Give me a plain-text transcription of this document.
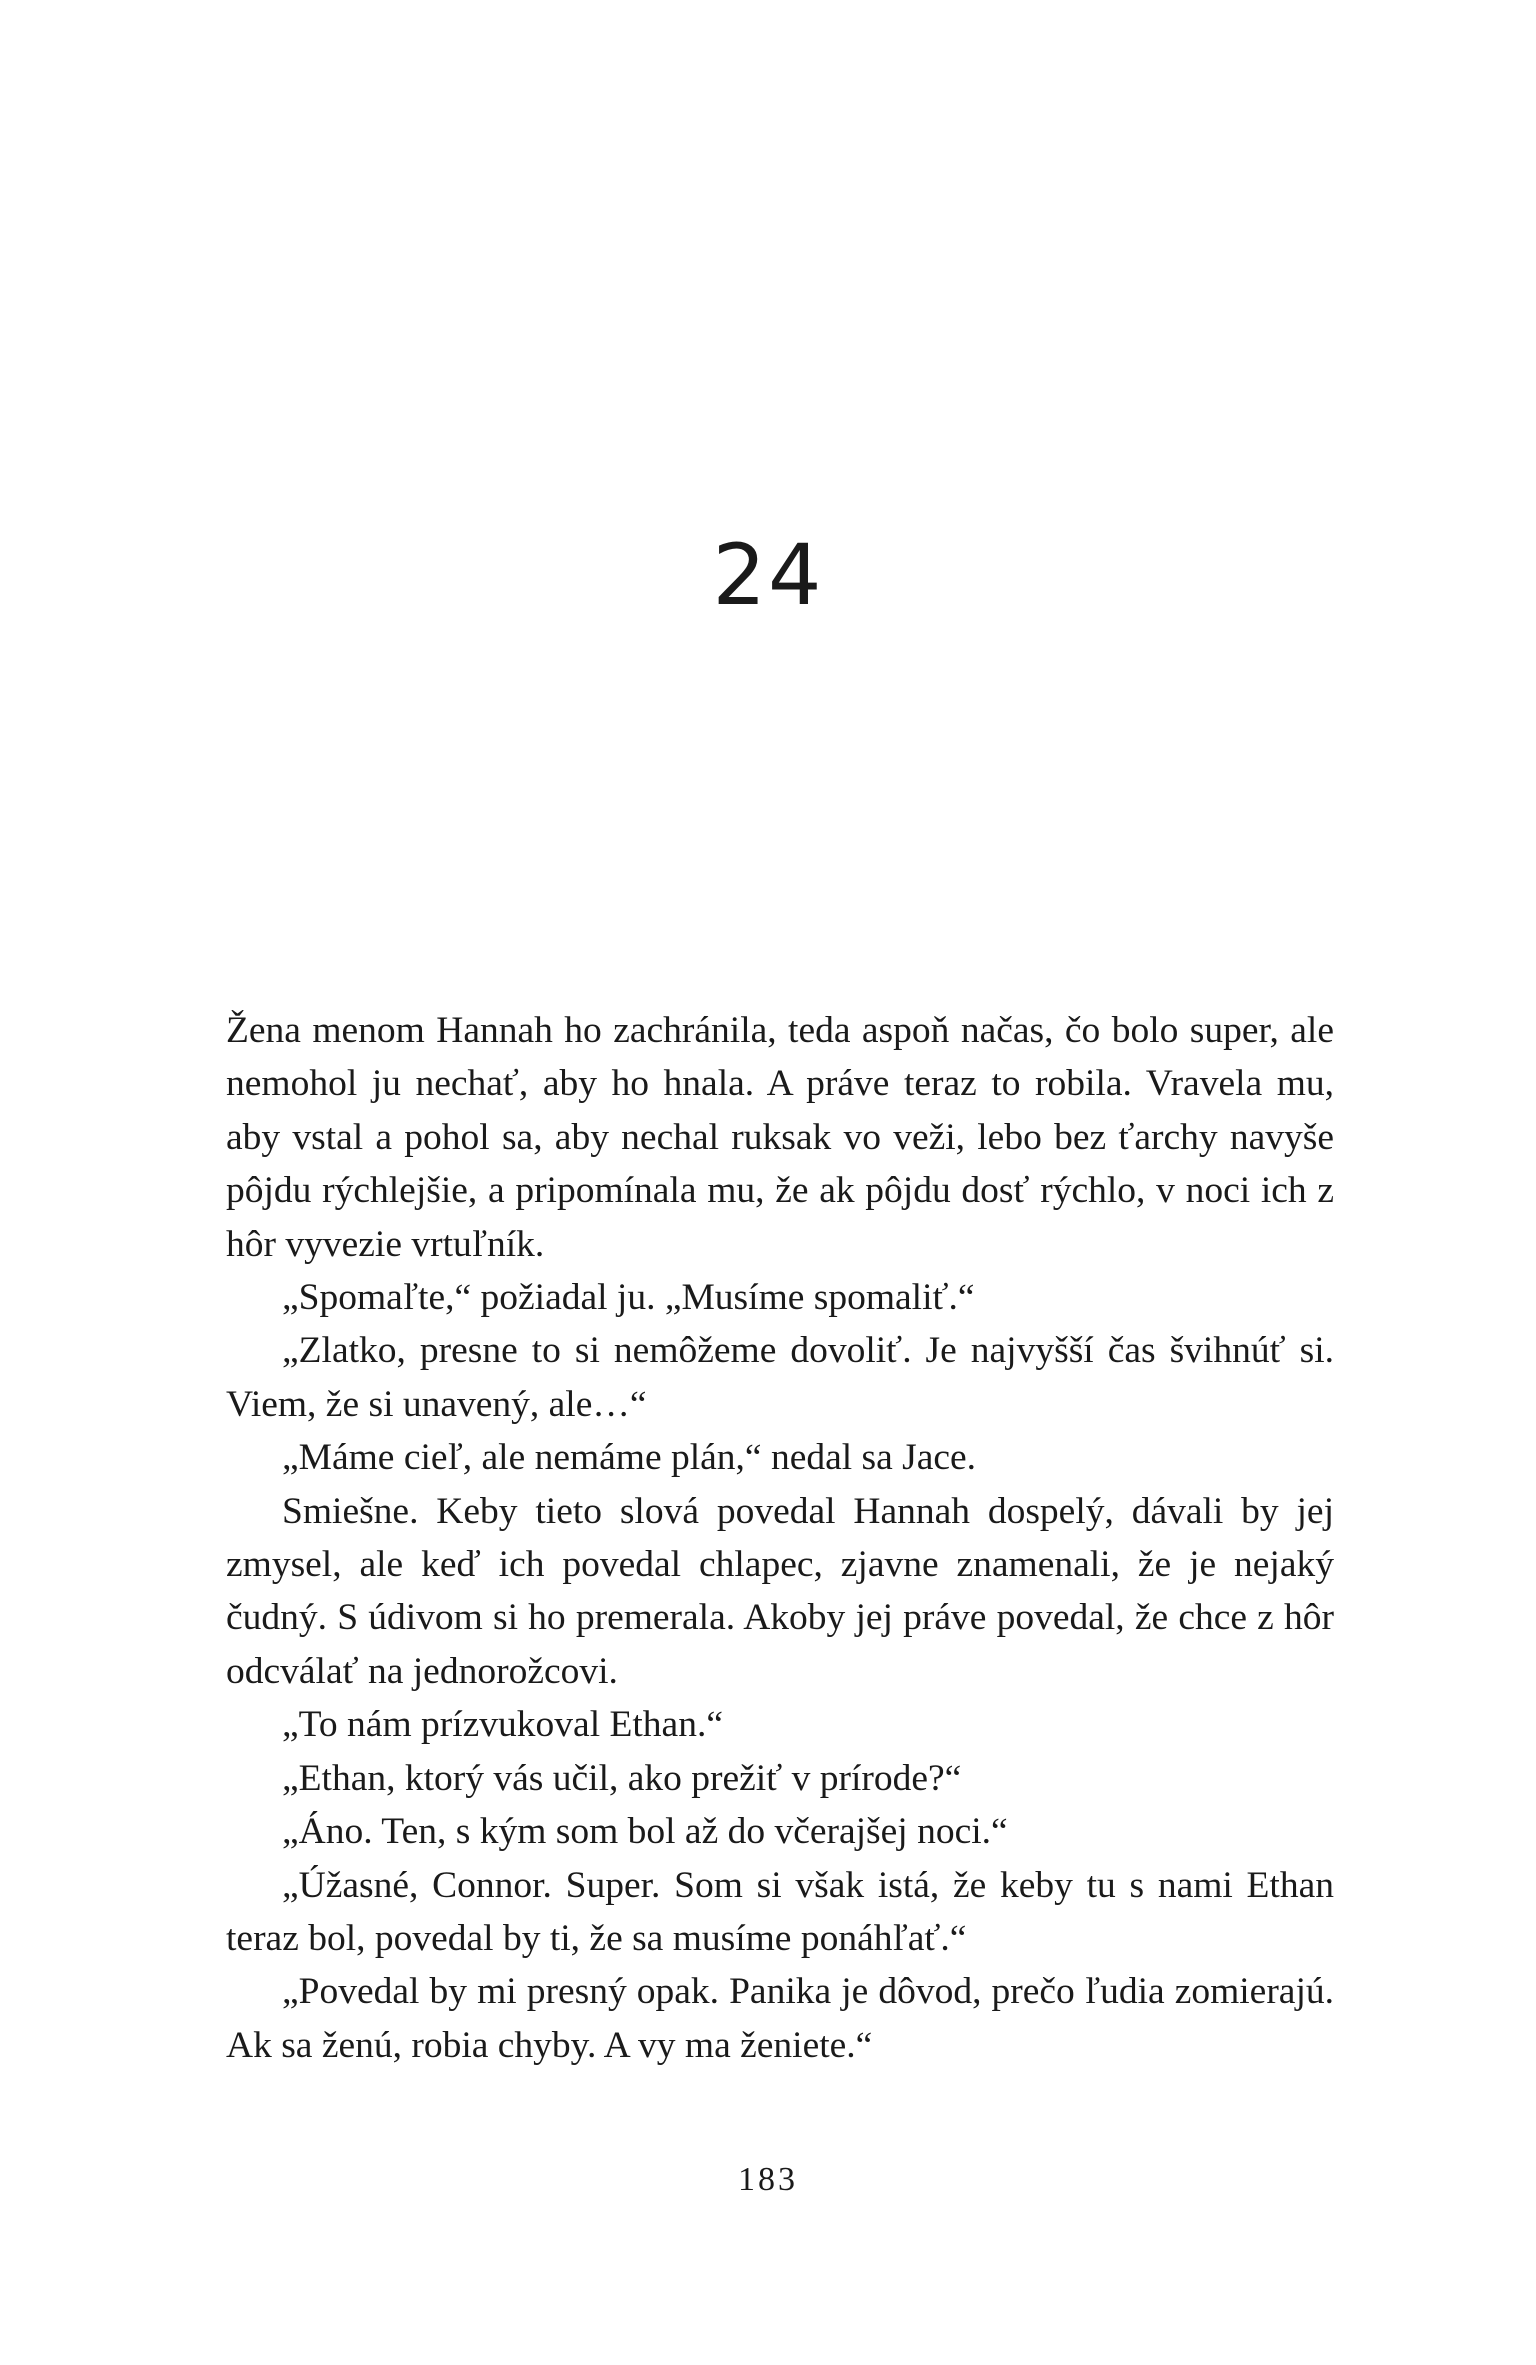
24

Žena menom Hannah ho zachránila, teda aspoň načas, čo bolo super, ale nemohol ju nechať, aby ho hnala. A práve teraz to robila. Vravela mu, aby vstal a pohol sa, aby nechal ruksak vo veži, lebo bez ťarchy navyše pôjdu rýchlejšie, a pripomínala mu, že ak pôjdu dosť rýchlo, v noci ich z hôr vyvezie vrtuľník.

„Spomaľte,“ požiadal ju. „Musíme spomaliť.“

„Zlatko, presne to si nemôžeme dovoliť. Je najvyšší čas švihnúť si. Viem, že si unavený, ale…“

„Máme cieľ, ale nemáme plán,“ nedal sa Jace.

Smiešne. Keby tieto slová povedal Hannah dospelý, dávali by jej zmysel, ale keď ich povedal chlapec, zjavne znamenali, že je nejaký čudný. S údivom si ho premerala. Akoby jej práve povedal, že chce z hôr odcválať na jednorožcovi.

„To nám prízvukoval Ethan.“

„Ethan, ktorý vás učil, ako prežiť v prírode?“

„Áno. Ten, s kým som bol až do včerajšej noci.“

„Úžasné, Connor. Super. Som si však istá, že keby tu s nami Ethan teraz bol, povedal by ti, že sa musíme ponáhľať.“

„Povedal by mi presný opak. Panika je dôvod, prečo ľudia zomierajú. Ak sa ženú, robia chyby. A vy ma ženiete.“

183
